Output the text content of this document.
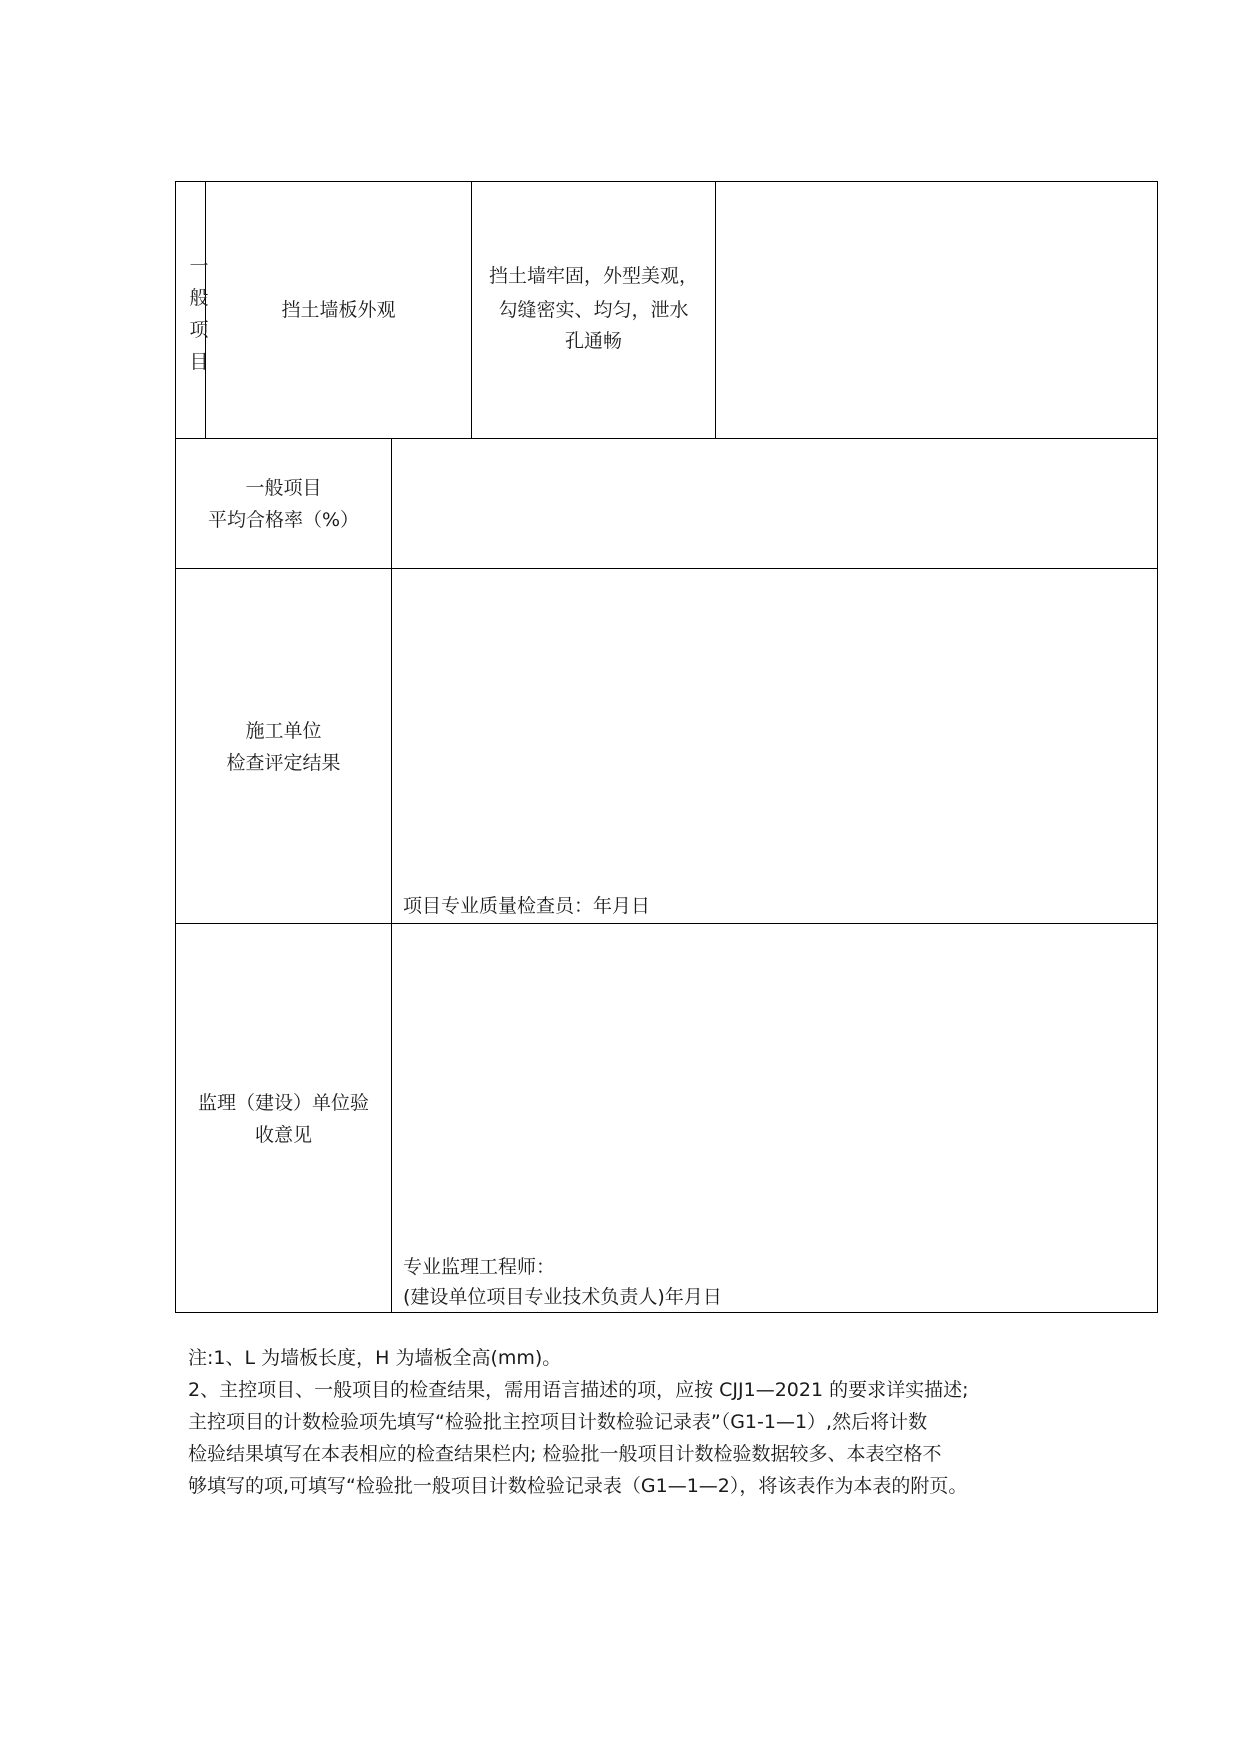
一般项目
挡土墙板外观
挡土墙牢固，外型美观，
勾缝密实、均匀，泄水
孔通畅
一般项目
平均合格率（%）
施工单位
检查评定结果
项目专业质量检查员：年月日
监理（建设）单位验
收意见
专业监理工程师：
(建设单位项目专业技术负责人)年月日
注:1、L 为墙板长度，H 为墙板全高(mm)。
2、主控项目、一般项目的检查结果，需用语言描述的项，应按 CJJ1—2021 的要求详实描述;
主控项目的计数检验项先填写“检验批主控项目计数检验记录表”（G1-1—1）,然后将计数
检验结果填写在本表相应的检查结果栏内; 检验批一般项目计数检验数据较多、本表空格不
够填写的项,可填写“检验批一般项目计数检验记录表（G1—1—2），将该表作为本表的附页。
